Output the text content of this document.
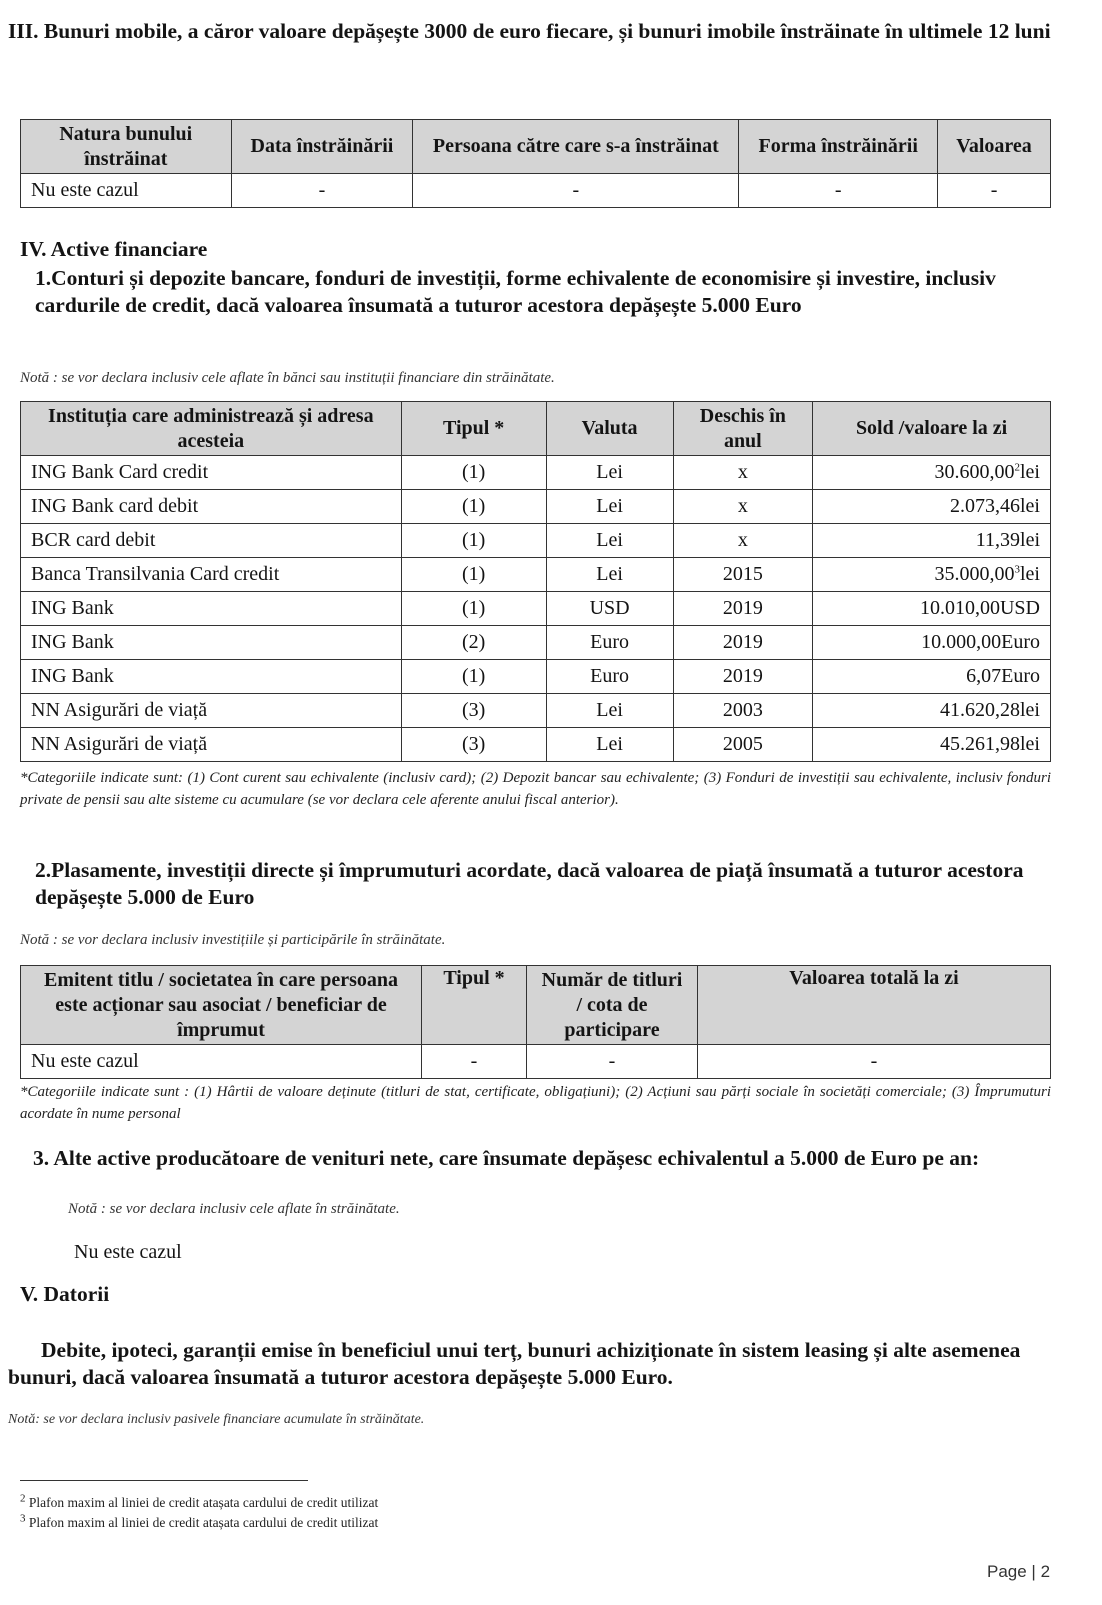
III. Bunuri mobile, a căror valoare depășește 3000 de euro fiecare, și bunuri imobile înstrăinate în ultimele 12 luni
Natura bunului înstrăinat	Data înstrăinării	Persoana către care s-a înstrăinat	Forma înstrăinării	Valoarea
Nu este cazul	-	-	-	-
IV. Active financiare
1.Conturi și depozite bancare, fonduri de investiții, forme echivalente de economisire și investire, inclusiv cardurile de credit, dacă valoarea însumată a tuturor acestora depășește 5.000 Euro
Notă : se vor declara inclusiv cele aflate în bănci sau instituții financiare din străinătate.
Instituția care administrează și adresa acesteia	Tipul *	Valuta	Deschis în anul	Sold /valoare la zi
ING Bank Card credit	(1)	Lei	x	30.600,00$^2$lei
ING Bank card debit	(1)	Lei	x	2.073,46lei
BCR card debit	(1)	Lei	x	11,39lei
Banca Transilvania Card credit	(1)	Lei	2015	35.000,00$^3$lei
ING Bank	(1)	USD	2019	10.010,00USD
ING Bank	(2)	Euro	2019	10.000,00Euro
ING Bank	(1)	Euro	2019	6,07Euro
NN Asigurări de viață	(3)	Lei	2003	41.620,28lei
NN Asigurări de viață	(3)	Lei	2005	45.261,98lei
*Categoriile indicate sunt: (1) Cont curent sau echivalente (inclusiv card); (2) Depozit bancar sau echivalente; (3) Fonduri de investiții sau echivalente, inclusiv fonduri private de pensii sau alte sisteme cu acumulare (se vor declara cele aferente anului fiscal anterior).
2.Plasamente, investiții directe și împrumuturi acordate, dacă valoarea de piață însumată a tuturor acestora depășește 5.000 de Euro
Notă : se vor declara inclusiv investițiile și participările în străinătate.
Emitent titlu / societatea în care persoana este acționar sau asociat / beneficiar de împrumut	Tipul *	Număr de titluri / cota de participare	Valoarea totală la zi
Nu este cazul	-	-	-
*Categoriile indicate sunt : (1) Hârtii de valoare deținute (titluri de stat, certificate, obligațiuni); (2) Acțiuni sau părți sociale în societăți comerciale; (3) Împrumuturi acordate în nume personal
3. Alte active producătoare de venituri nete, care însumate depășesc echivalentul a 5.000 de Euro pe an:
Notă : se vor declara inclusiv cele aflate în străinătate.
Nu este cazul
V. Datorii
Debite, ipoteci, garanții emise în beneficiul unui terț, bunuri achiziționate în sistem leasing și alte asemenea bunuri, dacă valoarea însumată a tuturor acestora depășește 5.000 Euro.
Notă: se vor declara inclusiv pasivele financiare acumulate în străinătate.
$^2$ Plafon maxim al liniei de credit atașata cardului de credit utilizat
$^3$ Plafon maxim al liniei de credit atașata cardului de credit utilizat
Page | 2
